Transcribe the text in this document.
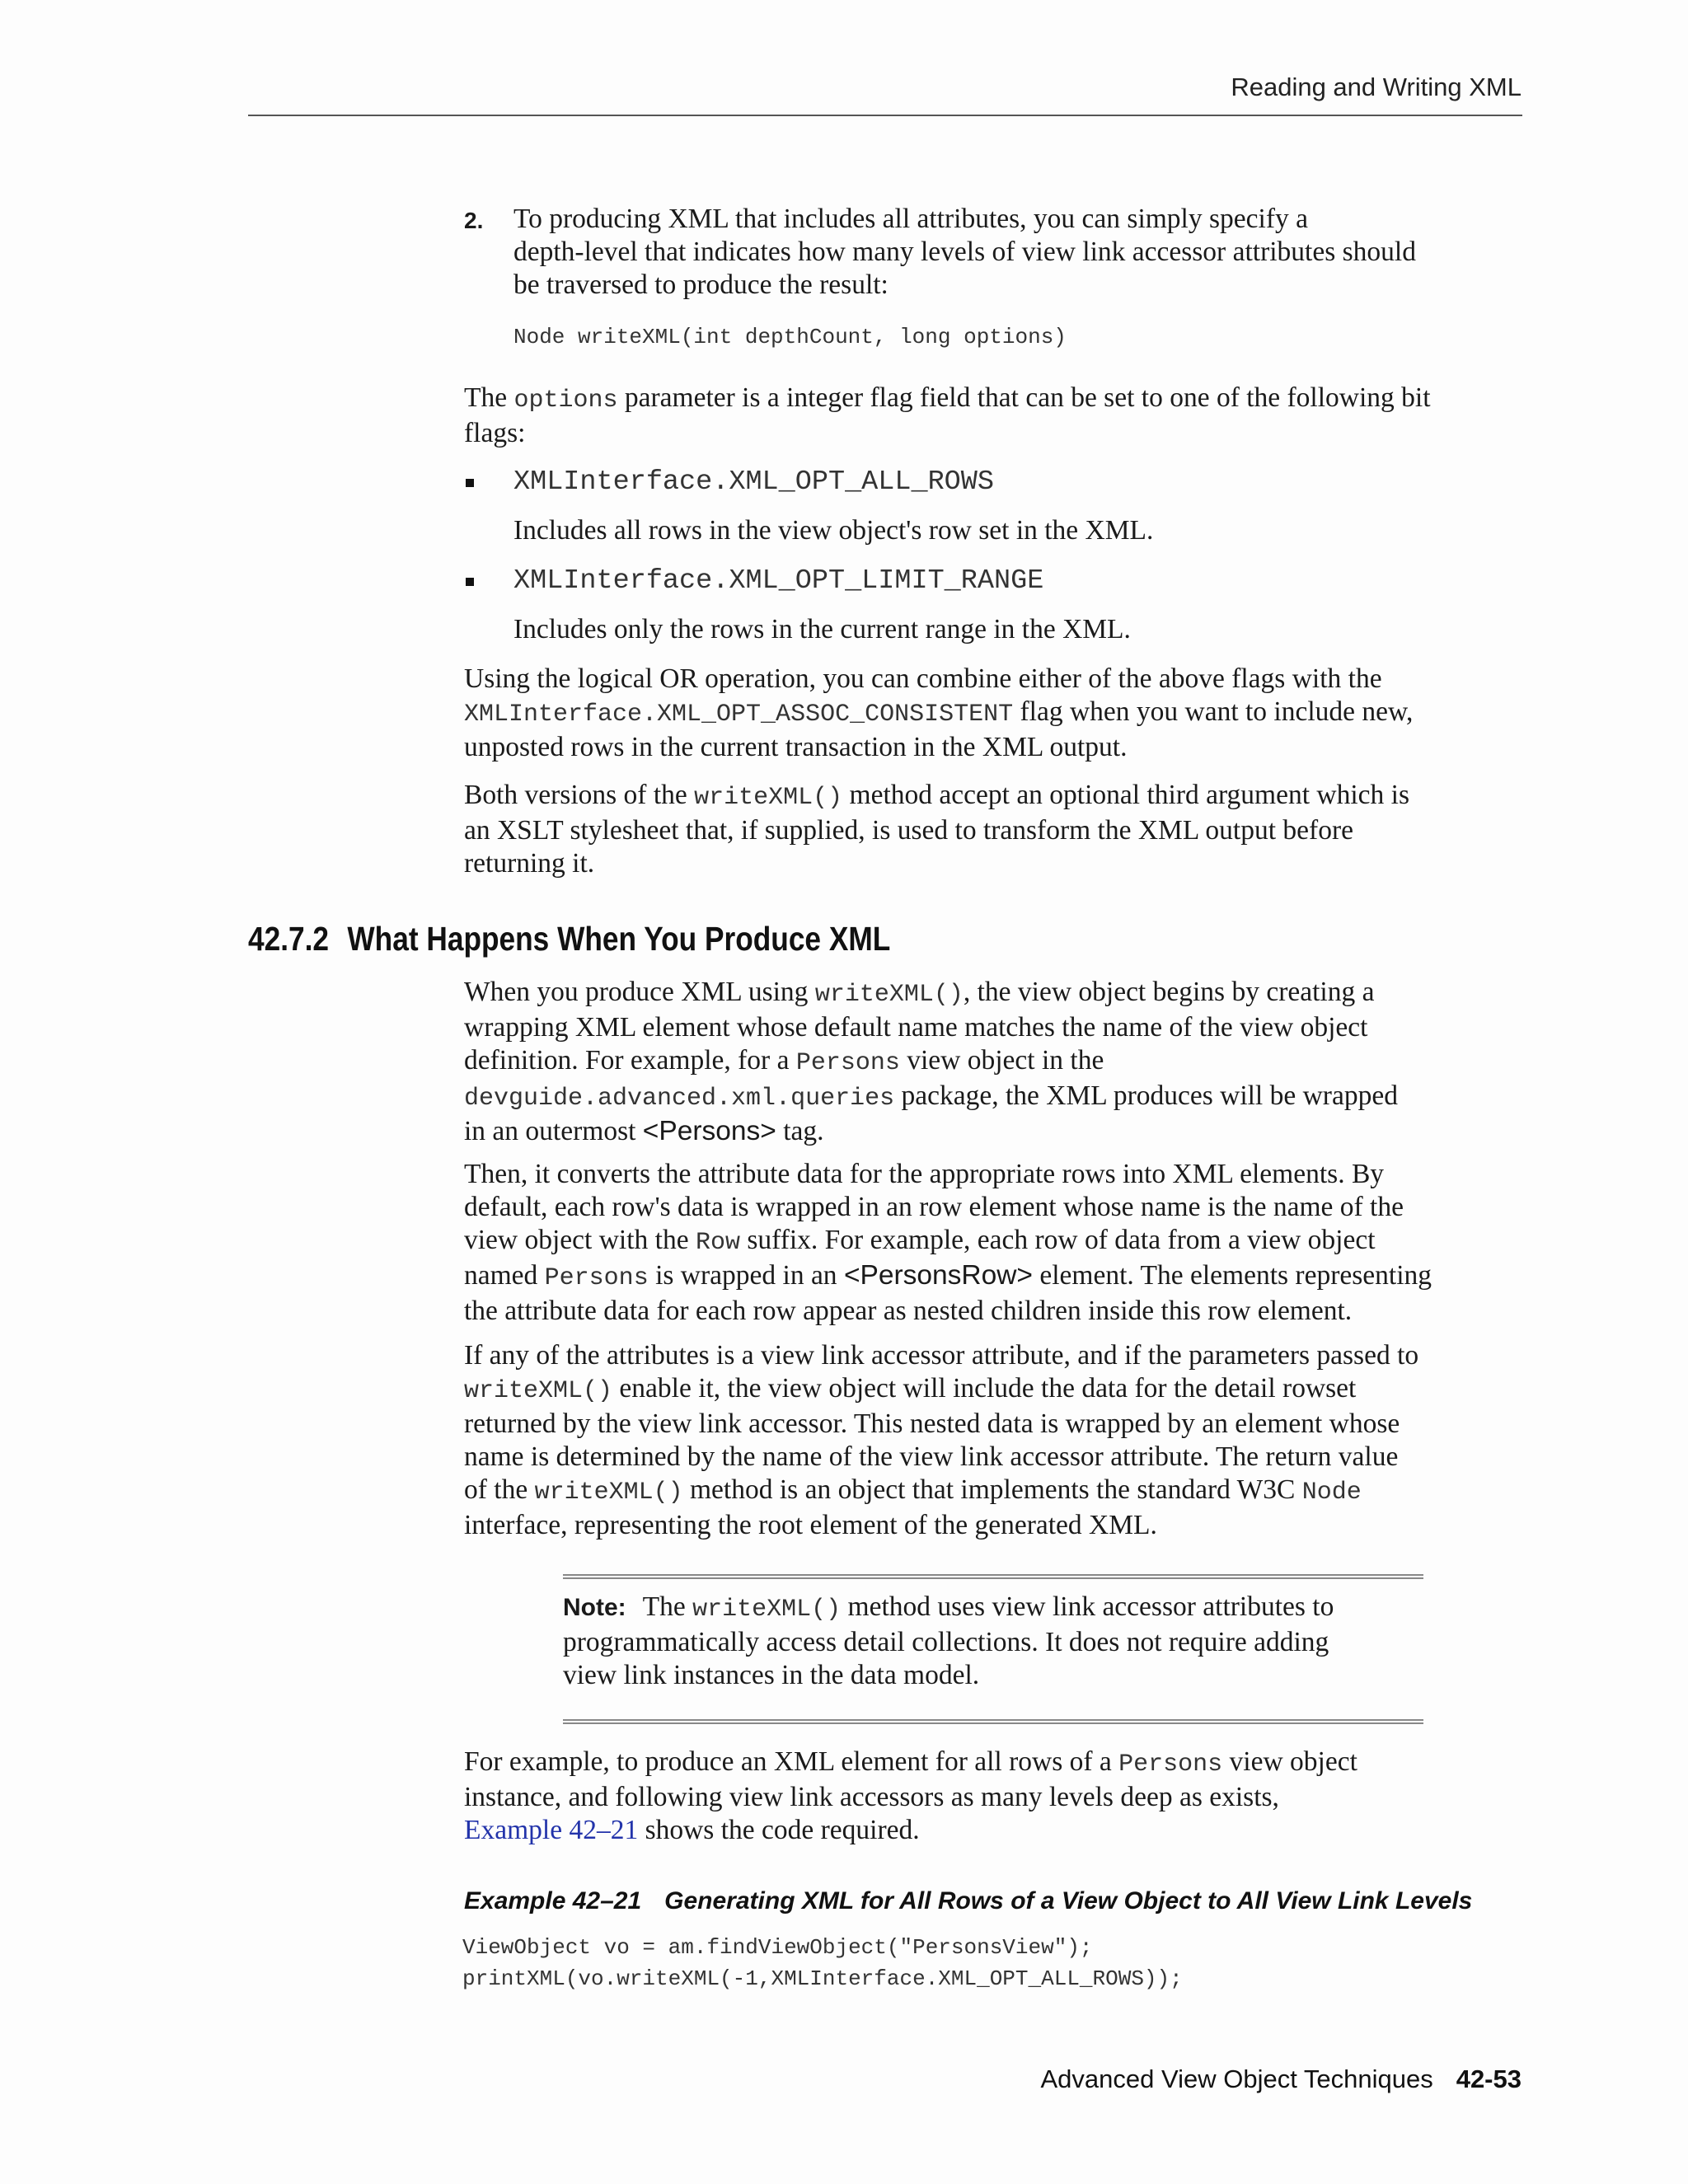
Reading and Writing XML
2. To producing XML that includes all attributes, you can simply specify a
depth-level that indicates how many levels of view link accessor attributes should
be traversed to produce the result:
Node writeXML(int depthCount, long options)
The options parameter is a integer flag field that can be set to one of the following bit
flags:
XMLInterface.XML_OPT_ALL_ROWS
Includes all rows in the view object's row set in the XML.
XMLInterface.XML_OPT_LIMIT_RANGE
Includes only the rows in the current range in the XML.
Using the logical OR operation, you can combine either of the above flags with the
XMLInterface.XML_OPT_ASSOC_CONSISTENT flag when you want to include new,
unposted rows in the current transaction in the XML output.
Both versions of the writeXML() method accept an optional third argument which is
an XSLT stylesheet that, if supplied, is used to transform the XML output before
returning it.
42.7.2 What Happens When You Produce XML
When you produce XML using writeXML(), the view object begins by creating a
wrapping XML element whose default name matches the name of the view object
definition. For example, for a Persons view object in the
devguide.advanced.xml.queries package, the XML produces will be wrapped
in an outermost <Persons> tag.
Then, it converts the attribute data for the appropriate rows into XML elements. By
default, each row's data is wrapped in an row element whose name is the name of the
view object with the Row suffix. For example, each row of data from a view object
named Persons is wrapped in an <PersonsRow> element. The elements representing
the attribute data for each row appear as nested children inside this row element.
If any of the attributes is a view link accessor attribute, and if the parameters passed to
writeXML() enable it, the view object will include the data for the detail rowset
returned by the view link accessor. This nested data is wrapped by an element whose
name is determined by the name of the view link accessor attribute. The return value
of the writeXML() method is an object that implements the standard W3C Node
interface, representing the root element of the generated XML.
Note: The writeXML() method uses view link accessor attributes to
programmatically access detail collections. It does not require adding
view link instances in the data model.
For example, to produce an XML element for all rows of a Persons view object
instance, and following view link accessors as many levels deep as exists,
Example 42–21 shows the code required.
Example 42–21 Generating XML for All Rows of a View Object to All View Link Levels
ViewObject vo = am.findViewObject("PersonsView");
printXML(vo.writeXML(-1,XMLInterface.XML_OPT_ALL_ROWS));
Advanced View Object Techniques 42-53
